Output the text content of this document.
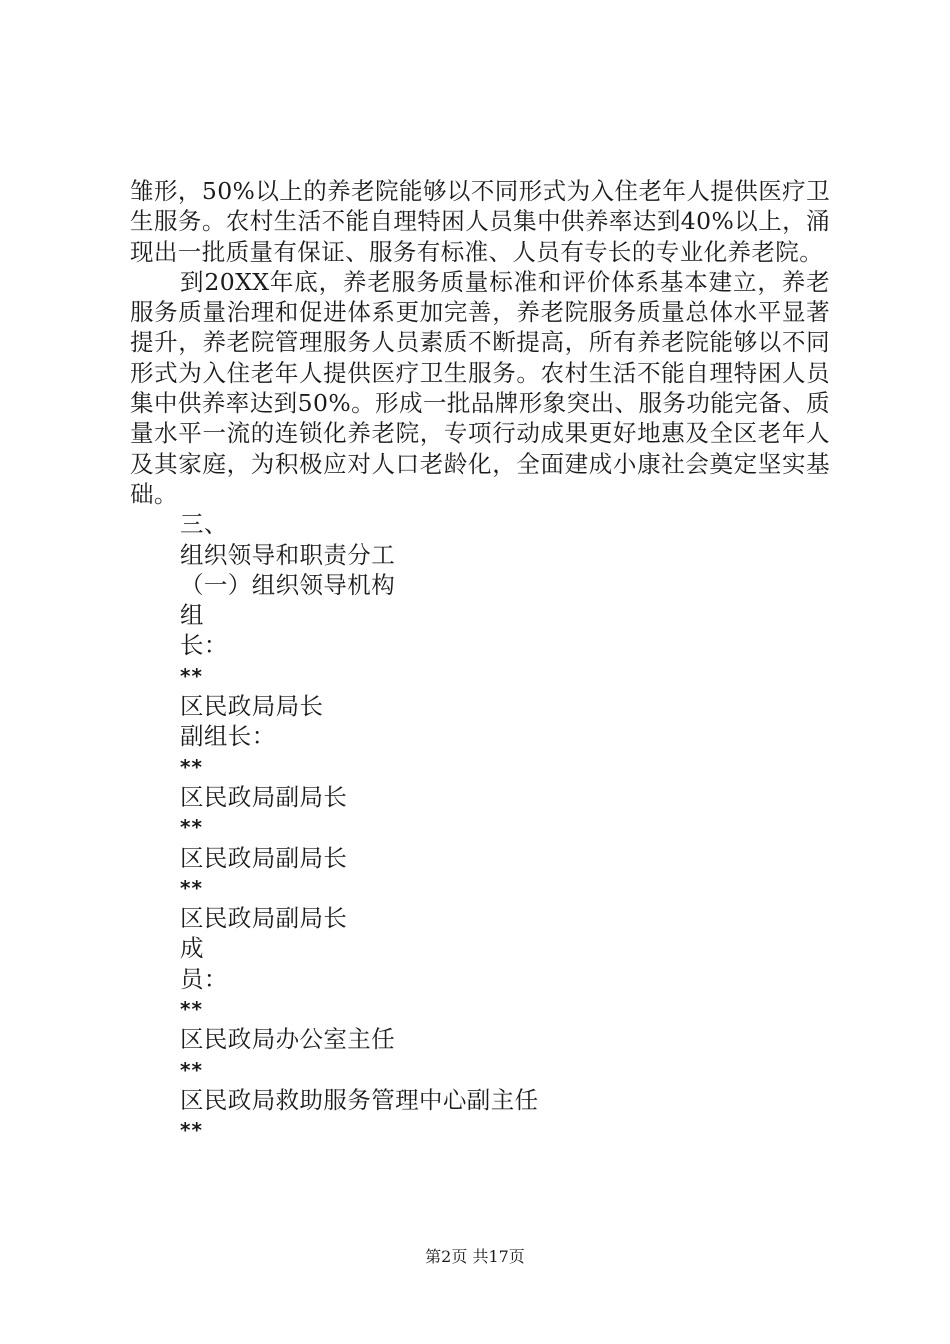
雏形，50%以上的养老院能够以不同形式为入住老年人提供医疗卫生服务。农村生活不能自理特困人员集中供养率达到40%以上，涌现出一批质量有保证、服务有标准、人员有专长的专业化养老院。

到20XX年底，养老服务质量标准和评价体系基本建立，养老服务质量治理和促进体系更加完善，养老院服务质量总体水平显著提升，养老院管理服务人员素质不断提高，所有养老院能够以不同形式为入住老年人提供医疗卫生服务。农村生活不能自理特困人员集中供养率达到50%。形成一批品牌形象突出、服务功能完备、质量水平一流的连锁化养老院，专项行动成果更好地惠及全区老年人及其家庭，为积极应对人口老龄化，全面建成小康社会奠定坚实基础。

三、
组织领导和职责分工
（一）组织领导机构
组
长：
**
区民政局局长
副组长：
**
区民政局副局长
**
区民政局副局长
**
区民政局副局长
成
员：
**
区民政局办公室主任
**
区民政局救助服务管理中心副主任
**
第2页 共17页
